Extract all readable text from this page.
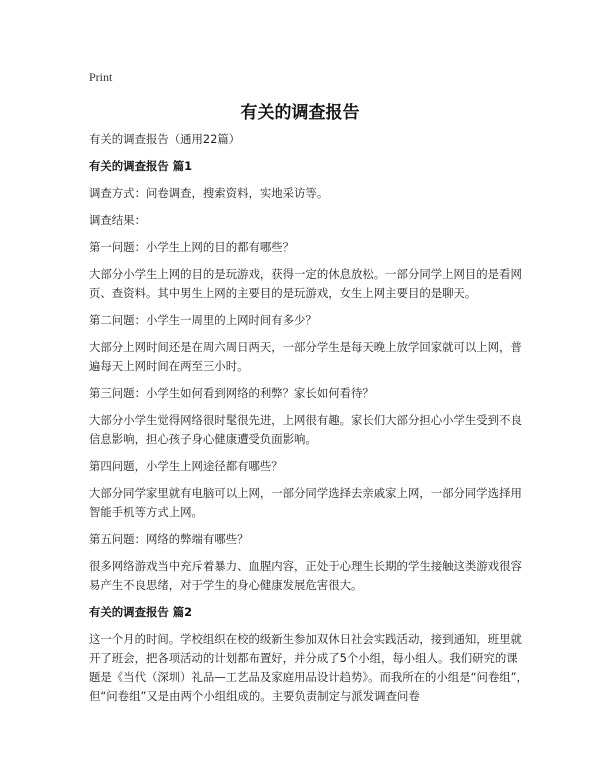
Print
有关的调查报告

有关的调查报告（通用22篇）

有关的调查报告 篇1

调查方式：问卷调查，搜索资料，实地采访等。

调查结果：

第一问题：小学生上网的目的都有哪些？

大部分小学生上网的目的是玩游戏，获得一定的休息放松。一部分同学上网目的是看网页、查资料。其中男生上网的主要目的是玩游戏，女生上网主要目的是聊天。

第二问题：小学生一周里的上网时间有多少？

大部分上网时间还是在周六周日两天，一部分学生是每天晚上放学回家就可以上网，普遍每天上网时间在两至三小时。

第三问题：小学生如何看到网络的利弊？家长如何看待？

大部分小学生觉得网络很时髦很先进，上网很有趣。家长们大部分担心小学生受到不良信息影响，担心孩子身心健康遭受负面影响。

第四问题，小学生上网途径都有哪些？

大部分同学家里就有电脑可以上网，一部分同学选择去亲戚家上网，一部分同学选择用智能手机等方式上网。

第五问题：网络的弊端有哪些？

很多网络游戏当中充斥着暴力、血腥内容，正处于心理生长期的学生接触这类游戏很容易产生不良思绪，对于学生的身心健康发展危害很大。

有关的调查报告 篇2

这一个月的时间。学校组织在校的级新生参加双休日社会实践活动，接到通知，班里就开了班会，把各项活动的计划都布置好，并分成了5个小组，每小组人。我们研究的课题是《当代（深圳）礼品—工艺品及家庭用品设计趋势》。而我所在的小组是“问卷组”，但“问卷组”又是由两个小组组成的。主要负责制定与派发调查问卷
